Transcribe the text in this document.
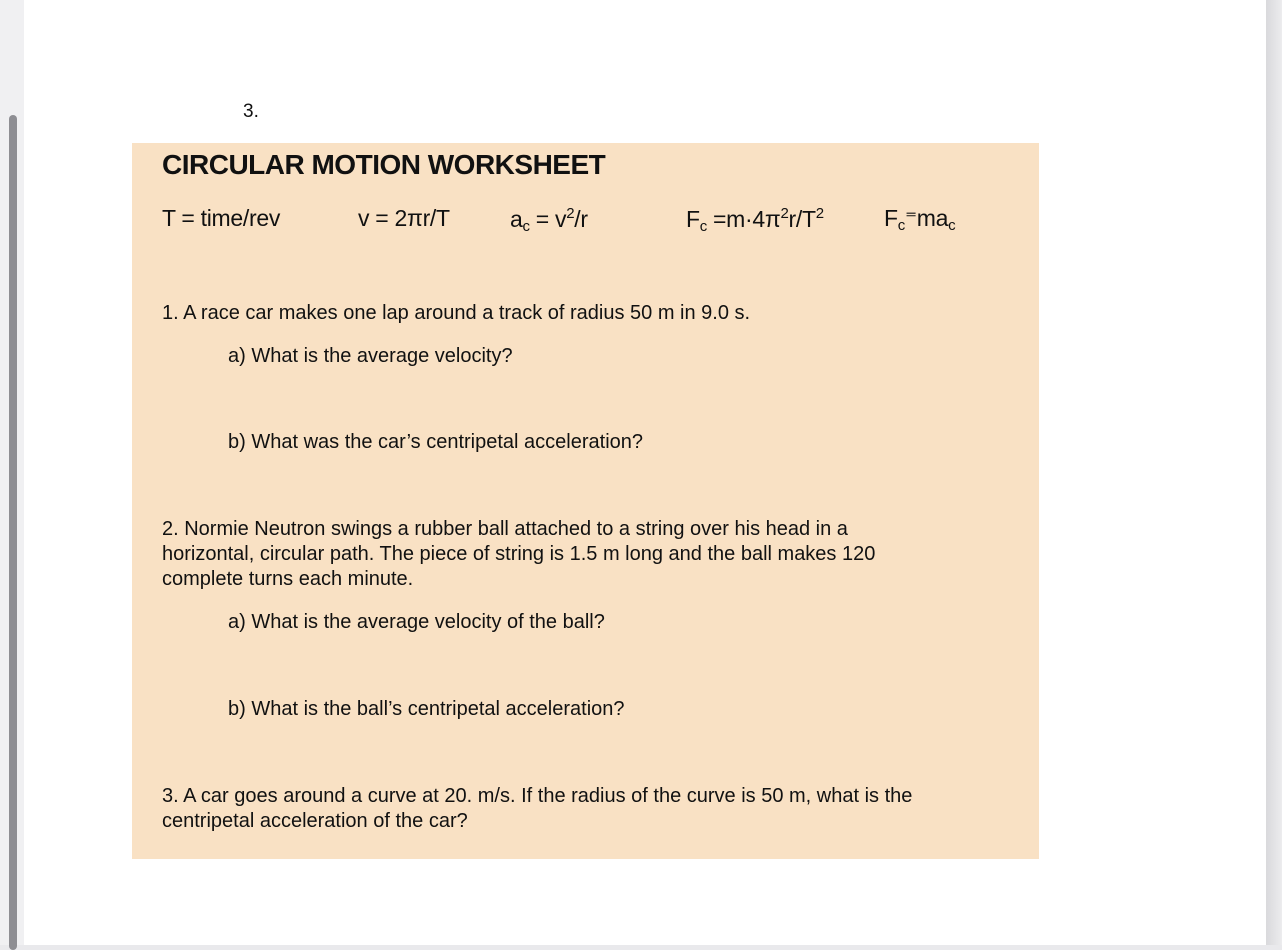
3.
CIRCULAR MOTION WORKSHEET
T = time/rev	v = 2πr/T	$a_c = v^2/r$	$F_c =m\cdot 4\pi^2r/T^2$	$F_c^=ma_c$
1. A race car makes one lap around a track of radius 50 m in 9.0 s.
a) What is the average velocity?
b) What was the car’s centripetal acceleration?
2. Normie Neutron swings a rubber ball attached to a string over his head in a
horizontal, circular path. The piece of string is 1.5 m long and the ball makes 120
complete turns each minute.
a) What is the average velocity of the ball?
b) What is the ball’s centripetal acceleration?
3. A car goes around a curve at 20. m/s. If the radius of the curve is 50 m, what is the
centripetal acceleration of the car?
